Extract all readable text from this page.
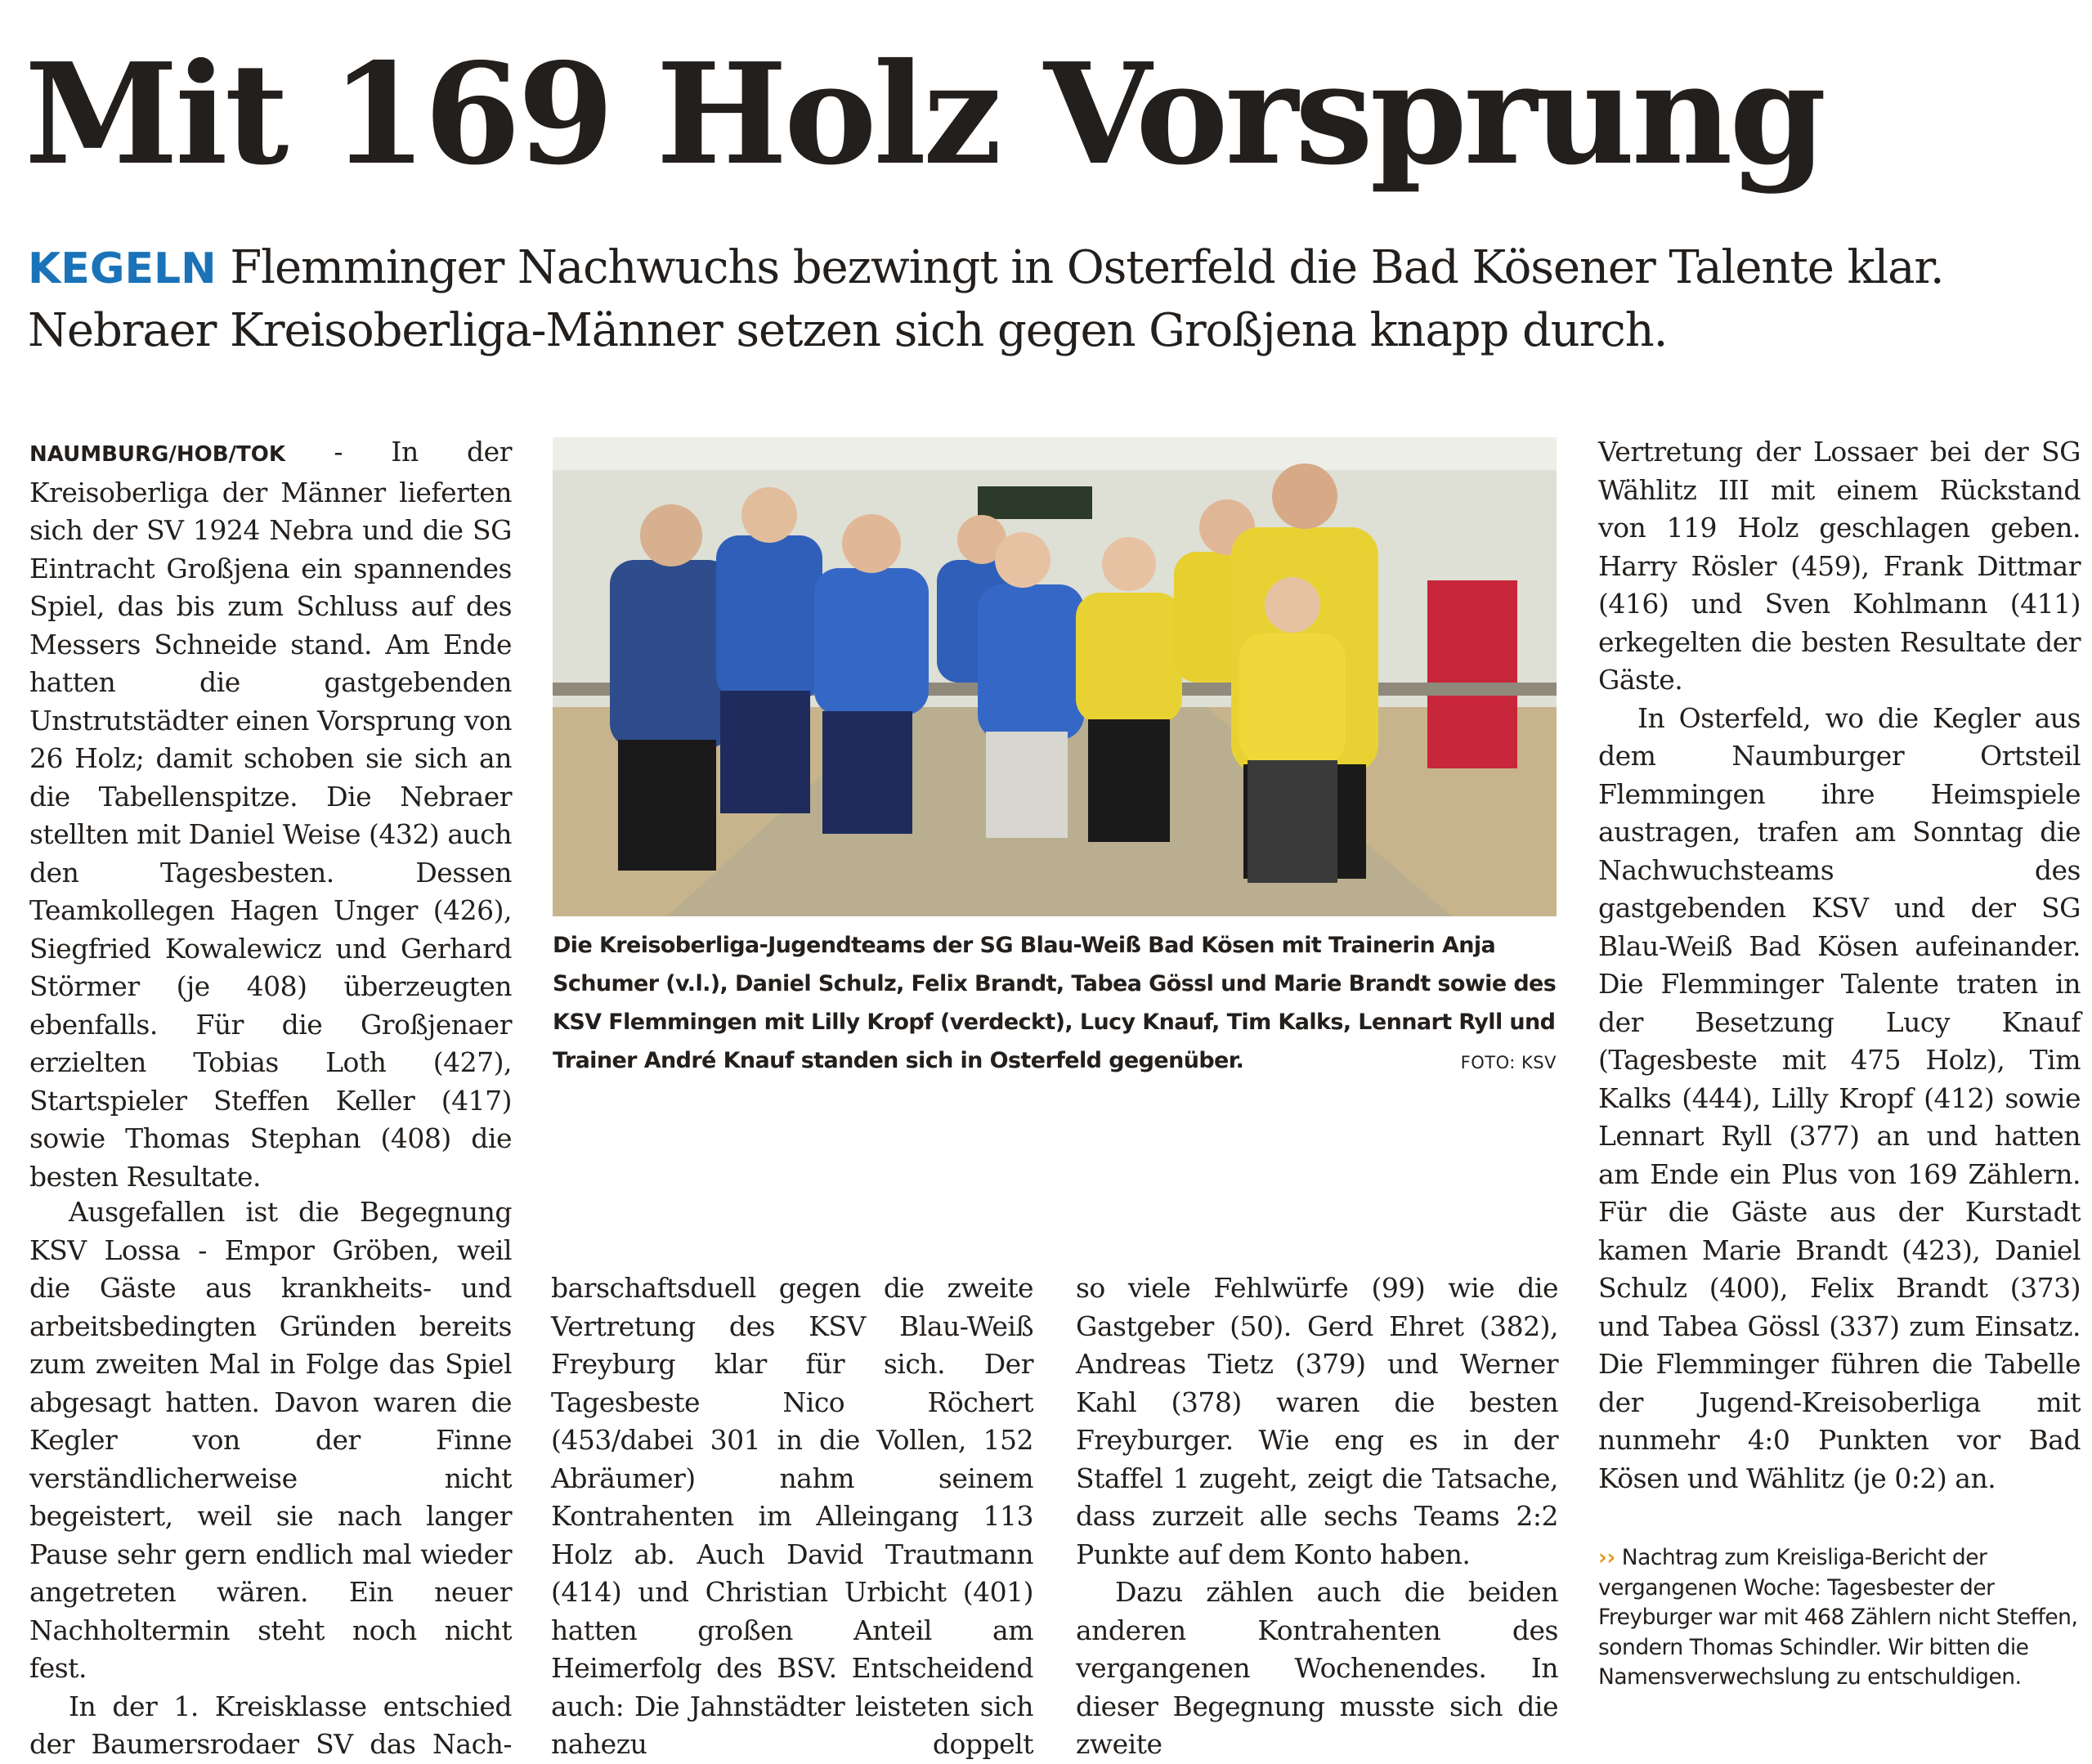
Mit 169 Holz Vorsprung
KEGELN Flemminger Nachwuchs bezwingt in Osterfeld die Bad Kösener Talente klar.
Nebraer Kreisoberliga-Männer setzen sich gegen Großjena knapp durch.

NAUMBURG/HOB/TOK - In der Kreisoberliga der Männer lieferten sich der SV 1924 Nebra und die SG Eintracht Großjena ein spannendes Spiel, das bis zum Schluss auf des Messers Schneide stand. Am Ende hatten die gastgebenden Unstrutstädter einen Vorsprung von 26 Holz; damit schoben sie sich an die Tabellenspitze. Die Nebraer stellten mit Daniel Weise (432) auch den Tagesbesten. Dessen Teamkollegen Hagen Unger (426), Siegfried Kowalewicz und Gerhard Störmer (je 408) überzeugten ebenfalls. Für die Großjenaer erzielten Tobias Loth (427), Startspieler Steffen Keller (417) sowie Thomas Stephan (408) die besten Resultate.

Ausgefallen ist die Begegnung KSV Lossa - Empor Gröben, weil die Gäste aus krankheits- und arbeitsbedingten Gründen bereits zum zweiten Mal in Folge das Spiel abgesagt hatten. Davon waren die Kegler von der Finne verständlicherweise nicht begeistert, weil sie nach langer Pause sehr gern endlich mal wieder angetreten wären. Ein neuer Nachholtermin steht noch nicht fest.

In der 1. Kreisklasse entschied der Baumersrodaer SV das Nach-

Die Kreisoberliga-Jugendteams der SG Blau-Weiß Bad Kösen mit Trainerin Anja Schumer (v.l.), Daniel Schulz, Felix Brandt, Tabea Gössl und Marie Brandt sowie des KSV Flemmingen mit Lilly Kropf (verdeckt), Lucy Knauf, Tim Kalks, Lennart Ryll und Trainer André Knauf standen sich in Osterfeld gegenüber.	FOTO: KSV

barschaftsduell gegen die zweite Vertretung des KSV Blau-Weiß Freyburg klar für sich. Der Tagesbeste Nico Röchert (453/dabei 301 in die Vollen, 152 Abräumer) nahm seinem Kontrahenten im Alleingang 113 Holz ab. Auch David Trautmann (414) und Christian Urbicht (401) hatten großen Anteil am Heimerfolg des BSV. Entscheidend auch: Die Jahnstädter leisteten sich nahezu doppelt

so viele Fehlwürfe (99) wie die Gastgeber (50). Gerd Ehret (382), Andreas Tietz (379) und Werner Kahl (378) waren die besten Freyburger. Wie eng es in der Staffel 1 zugeht, zeigt die Tatsache, dass zurzeit alle sechs Teams 2:2 Punkte auf dem Konto haben.

Dazu zählen auch die beiden anderen Kontrahenten des vergangenen Wochenendes. In dieser Begegnung musste sich die zweite

Vertretung der Lossaer bei der SG Wählitz III mit einem Rückstand von 119 Holz geschlagen geben. Harry Rösler (459), Frank Dittmar (416) und Sven Kohlmann (411) erkegelten die besten Resultate der Gäste.

In Osterfeld, wo die Kegler aus dem Naumburger Ortsteil Flemmingen ihre Heimspiele austragen, trafen am Sonntag die Nachwuchsteams des gastgebenden KSV und der SG Blau-Weiß Bad Kösen aufeinander. Die Flemminger Talente traten in der Besetzung Lucy Knauf (Tagesbeste mit 475 Holz), Tim Kalks (444), Lilly Kropf (412) sowie Lennart Ryll (377) an und hatten am Ende ein Plus von 169 Zählern. Für die Gäste aus der Kurstadt kamen Marie Brandt (423), Daniel Schulz (400), Felix Brandt (373) und Tabea Gössl (337) zum Einsatz. Die Flemminger führen die Tabelle der Jugend-Kreisoberliga mit nunmehr 4:0 Punkten vor Bad Kösen und Wählitz (je 0:2) an.

›› Nachtrag zum Kreisliga-Bericht der vergangenen Woche: Tagesbester der Freyburger war mit 468 Zählern nicht Steffen, sondern Thomas Schindler. Wir bitten die Namensverwechslung zu entschuldigen.
